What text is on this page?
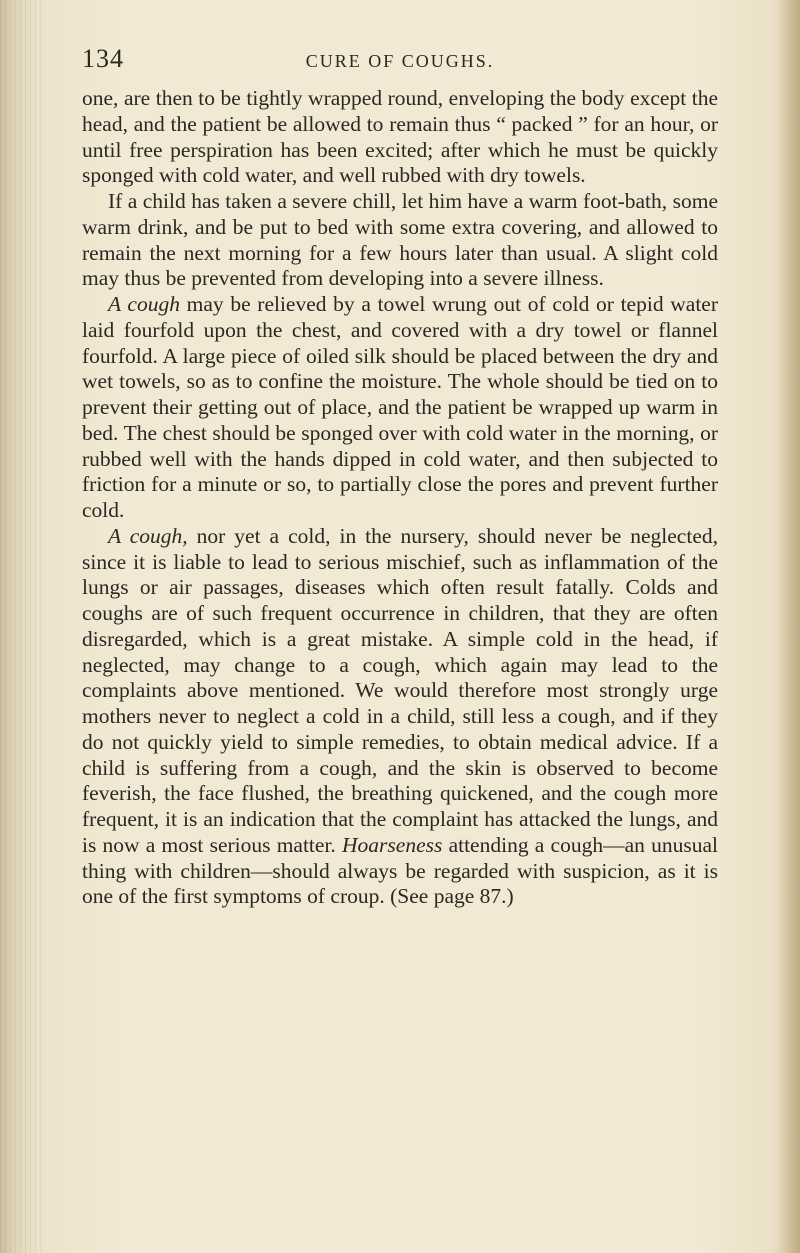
134	CURE OF COUGHS.

one, are then to be tightly wrapped round, enveloping the body except the head, and the patient be allowed to remain thus “ packed ” for an hour, or until free perspiration has been excited; after which he must be quickly sponged with cold water, and well rubbed with dry towels.

If a child has taken a severe chill, let him have a warm foot-bath, some warm drink, and be put to bed with some extra covering, and allowed to remain the next morning for a few hours later than usual. A slight cold may thus be prevented from developing into a severe illness.

A cough may be relieved by a towel wrung out of cold or tepid water laid fourfold upon the chest, and covered with a dry towel or flannel fourfold. A large piece of oiled silk should be placed between the dry and wet towels, so as to confine the moisture. The whole should be tied on to prevent their getting out of place, and the patient be wrapped up warm in bed. The chest should be sponged over with cold water in the morning, or rubbed well with the hands dipped in cold water, and then subjected to friction for a minute or so, to partially close the pores and prevent further cold.

A cough, nor yet a cold, in the nursery, should never be neglected, since it is liable to lead to serious mischief, such as inflammation of the lungs or air passages, diseases which often result fatally. Colds and coughs are of such frequent occurrence in children, that they are often disregarded, which is a great mistake. A simple cold in the head, if neglected, may change to a cough, which again may lead to the complaints above mentioned. We would therefore most strongly urge mothers never to neglect a cold in a child, still less a cough, and if they do not quickly yield to simple remedies, to obtain medical advice. If a child is suffering from a cough, and the skin is observed to become feverish, the face flushed, the breathing quickened, and the cough more frequent, it is an indication that the complaint has attacked the lungs, and is now a most serious matter. Hoarseness attending a cough—an unusual thing with children—should always be regarded with suspicion, as it is one of the first symptoms of croup. (See page 87.)
